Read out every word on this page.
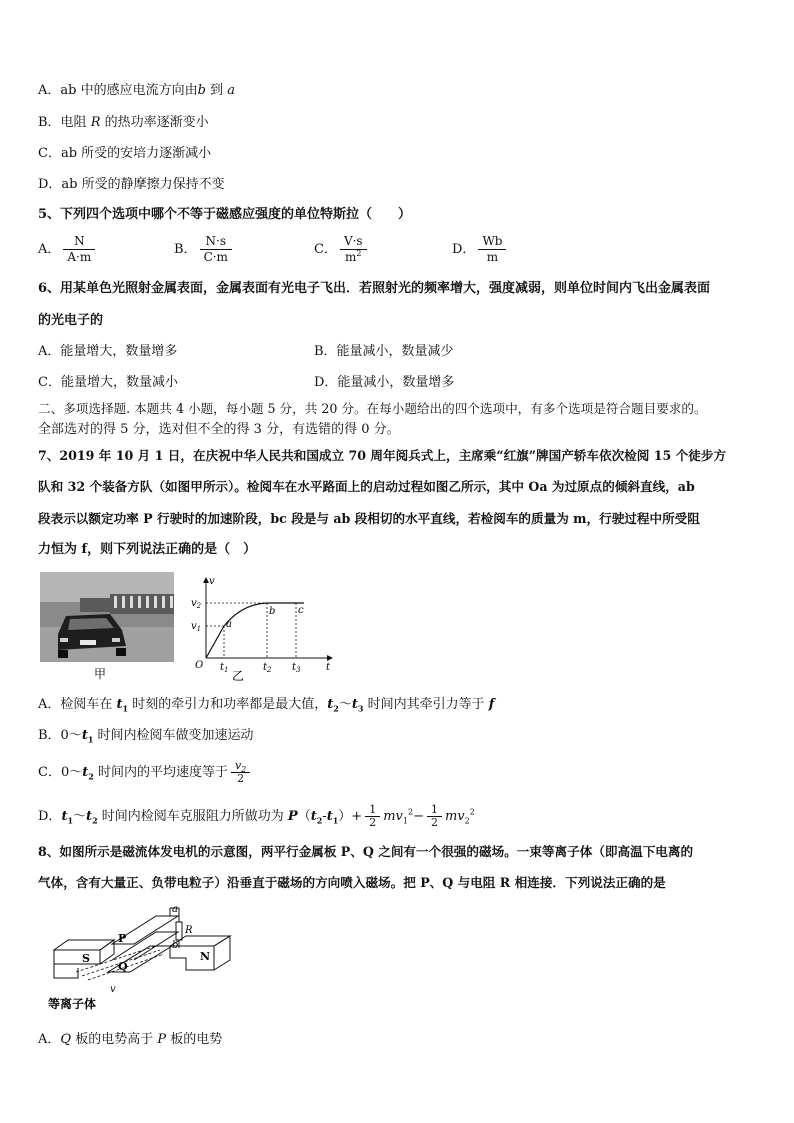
A．ab 中的感应电流方向由b 到 a
B．电阻 R 的热功率逐渐变小
C．ab 所受的安培力逐渐减小
D．ab 所受的静摩擦力保持不变
5、下列四个选项中哪个不等于磁感应强度的单位特斯拉（　　）
A． $\frac{N}{A\cdot m}$	B． $\frac{N\cdot s}{C\cdot m}$	C． $\frac{V\cdot s}{m^2}$	D． $\frac{Wb}{m}$
6、用某单色光照射金属表面，金属表面有光电子飞出．若照射光的频率增大，强度减弱，则单位时间内飞出金属表面
的光电子的
A．能量增大，数量增多	B．能量减小，数量减少
C．能量增大，数量减小	D．能量减小，数量增多
二、多项选择题. 本题共 4 小题，每小题 5 分，共 20 分。在每小题给出的四个选项中，有多个选项是符合题目要求的。
全部选对的得 5 分，选对但不全的得 3 分，有选错的得 0 分。
7、2019 年 10 月 1 日，在庆祝中华人民共和国成立 70 周年阅兵式上，主席乘“红旗”牌国产轿车依次检阅 15 个徒步方
队和 32 个装备方队（如图甲所示）。检阅车在水平路面上的启动过程如图乙所示，其中 Oa 为过原点的倾斜直线，ab
段表示以额定功率 P 行驶时的加速阶段，bc 段是与 ab 段相切的水平直线，若检阅车的质量为 m，行驶过程中所受阻
力恒为 f，则下列说法正确的是（　）
甲
v
t
O
$v_1$
$v_2$
$t_1$	$t_2$ $t_3$
a
b c
乙
A．检阅车在 $t_1$ 时刻的牵引力和功率都是最大值，$t_2\sim t_3$ 时间内其牵引力等于 f
B．$0\sim t_1$ 时间内检阅车做变加速运动
C．$0\sim t_2$ 时间内的平均速度等于 $\frac{v_2}{2}$
D．$t_1\sim t_2$ 时间内检阅车克服阻力所做功为 $P(t_2-t_1)+ \frac{1}{2} mv_1^2- \frac{1}{2} mv_2^2$
8、如图所示是磁流体发电机的示意图，两平行金属板 P、Q 之间有一个很强的磁场。一束等离子体（即高温下电离的
气体，含有大量正、负带电粒子）沿垂直于磁场的方向喷入磁场。把 P、Q 与电阻 R 相连接．下列说法正确的是
a
R
b
S
P
Q
N
v
等离子体
A．Q 板的电势高于 P 板的电势
